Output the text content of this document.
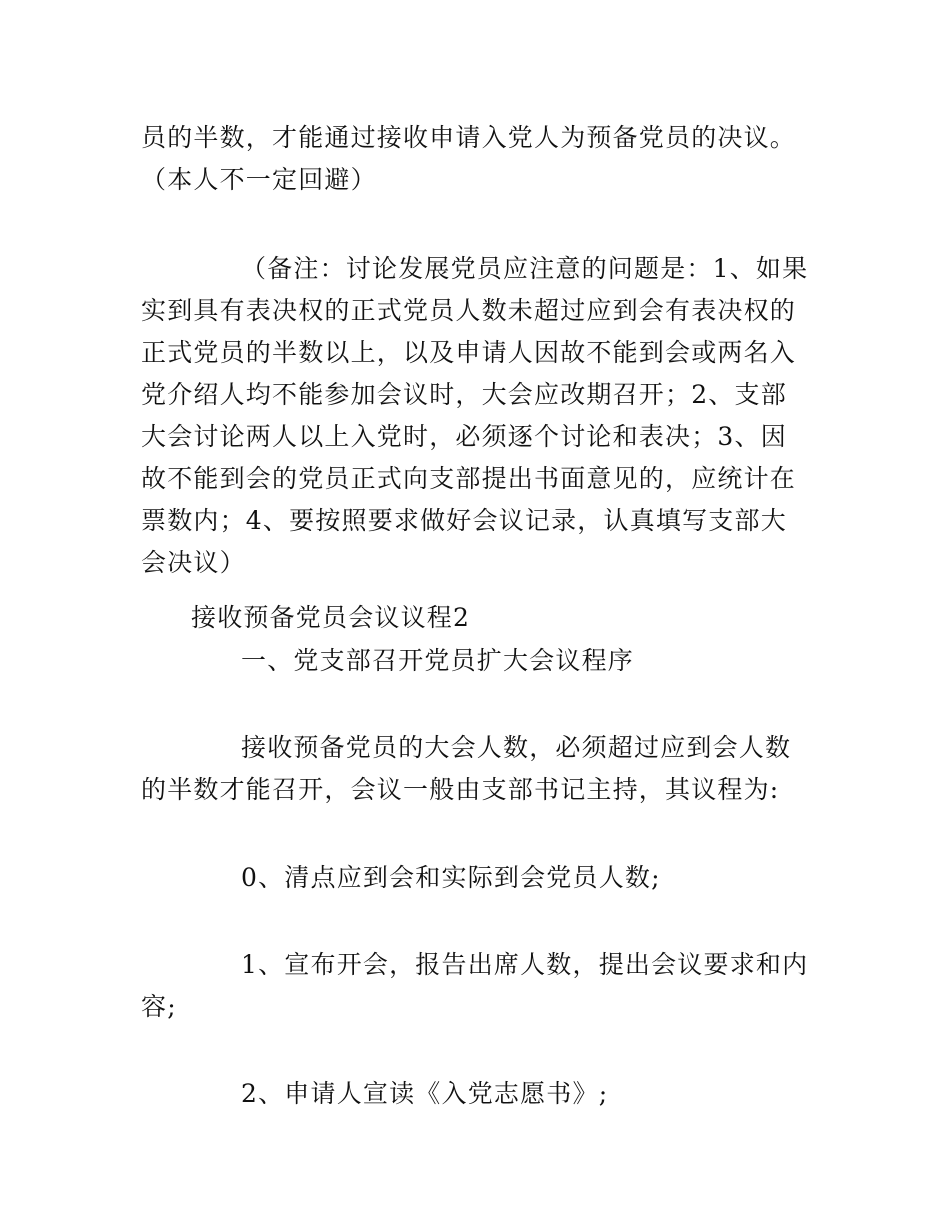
员的半数，才能通过接收申请入党人为预备党员的决议。（本人不一定回避）

（备注：讨论发展党员应注意的问题是：1、如果实到具有表决权的正式党员人数未超过应到会有表决权的正式党员的半数以上，以及申请人因故不能到会或两名入党介绍人均不能参加会议时，大会应改期召开；2、支部大会讨论两人以上入党时，必须逐个讨论和表决；3、因故不能到会的党员正式向支部提出书面意见的，应统计在票数内；4、要按照要求做好会议记录，认真填写支部大会决议）

接收预备党员会议议程2

一、党支部召开党员扩大会议程序

接收预备党员的大会人数，必须超过应到会人数的半数才能召开，会议一般由支部书记主持，其议程为:

0、清点应到会和实际到会党员人数;

1、宣布开会，报告出席人数，提出会议要求和内容;

2、申请人宣读《入党志愿书》;
